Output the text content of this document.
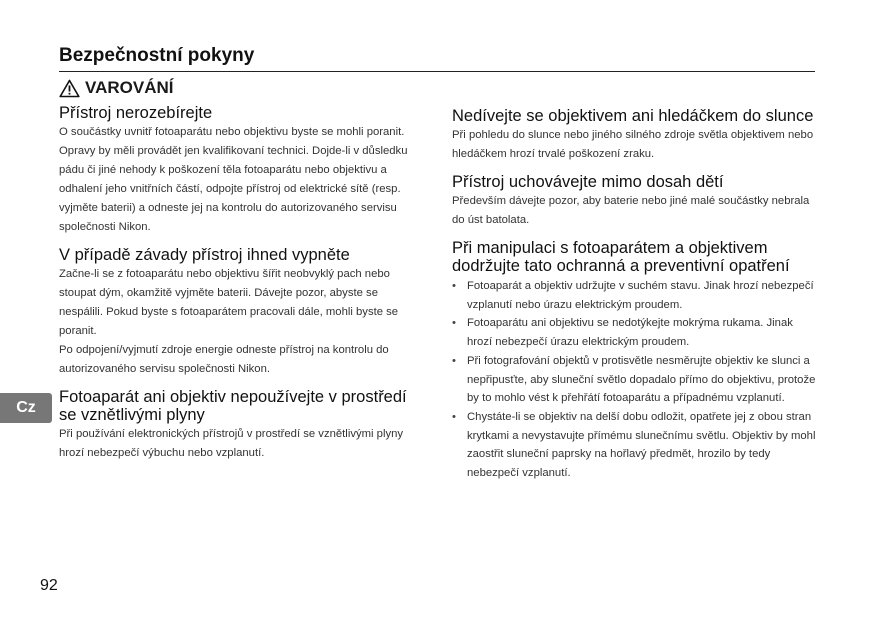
Bezpečnostní pokyny
VAROVÁNÍ
Přístroj nerozebírejte

O součástky uvnitř fotoaparátu nebo objektivu byste se mohli poranit. Opravy by měli provádět jen kvalifikovaní technici. Dojde-li v důsledku pádu či jiné nehody k poškození těla fotoaparátu nebo objektivu a odhalení jeho vnitřních částí, odpojte přístroj od elektrické sítě (resp. vyjměte baterii) a odneste jej na kontrolu do autorizovaného servisu společnosti Nikon.

V případě závady přístroj ihned vypněte

Začne-li se z fotoaparátu nebo objektivu šířit neobvyklý pach nebo stoupat dým, okamžitě vyjměte baterii. Dávejte pozor, abyste se nespálili. Pokud byste s fotoaparátem pracovali dále, mohli byste se poranit.

Po odpojení/vyjmutí zdroje energie odneste přístroj na kontrolu do autorizovaného servisu společnosti Nikon.

Fotoaparát ani objektiv nepoužívejte v prostředí se vznětlivými plyny

Při používání elektronických přístrojů v prostředí se vznětlivými plyny hrozí nebezpečí výbuchu nebo vzplanutí.

Nedívejte se objektivem ani hledáčkem do slunce

Při pohledu do slunce nebo jiného silného zdroje světla objektivem nebo hledáčkem hrozí trvalé poškození zraku.

Přístroj uchovávejte mimo dosah dětí

Především dávejte pozor, aby baterie nebo jiné malé součástky nebrala do úst batolata.

Při manipulaci s fotoaparátem a objektivem dodržujte tato ochranná a preventivní opatření
• Fotoaparát a objektiv udržujte v suchém stavu. Jinak hrozí nebezpečí vzplanutí nebo úrazu elektrickým proudem.
• Fotoaparátu ani objektivu se nedotýkejte mokrýma rukama. Jinak hrozí nebezpečí úrazu elektrickým proudem.
• Při fotografování objektů v protisvětle nesměrujte objektiv ke slunci a nepřipusťte, aby sluneční světlo dopadalo přímo do objektivu, protože by to mohlo vést k přehřátí fotoaparátu a případnému vzplanutí.
• Chystáte-li se objektiv na delší dobu odložit, opatřete jej z obou stran krytkami a nevystavujte přímému slunečnímu světlu. Objektiv by mohl zaostřit sluneční paprsky na hořlavý předmět, hrozilo by tedy nebezpečí vzplanutí.
Cz
92
